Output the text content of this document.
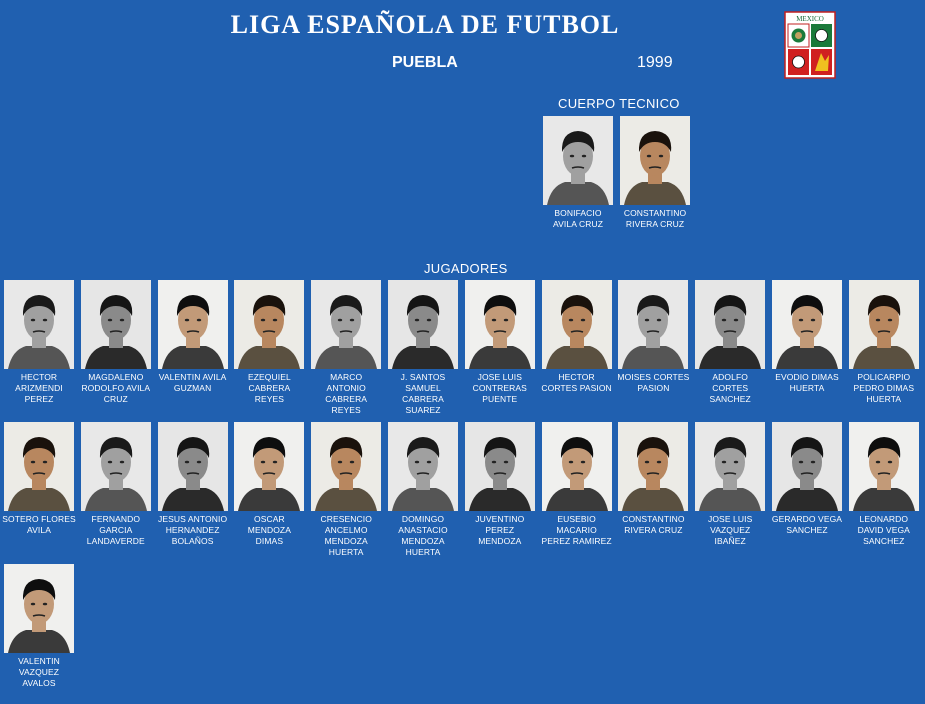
LIGA ESPAÑOLA DE FUTBOL
PUEBLA	1999
MEXICO
CUERPO TECNICO
BONIFACIO
AVILA CRUZ
CONSTANTINO
RIVERA CRUZ
JUGADORES
HECTOR
ARIZMENDI
PEREZ
MAGDALENO
RODOLFO AVILA
CRUZ
VALENTIN AVILA
GUZMAN
EZEQUIEL
CABRERA
REYES
MARCO
ANTONIO
CABRERA
REYES
J. SANTOS
SAMUEL
CABRERA
SUAREZ
JOSE LUIS
CONTRERAS
PUENTE
HECTOR
CORTES PASION
MOISES CORTES
PASION
ADOLFO
CORTES
SANCHEZ
EVODIO DIMAS
HUERTA
POLICARPIO
PEDRO DIMAS
HUERTA
SOTERO FLORES
AVILA
FERNANDO
GARCIA
LANDAVERDE
JESUS ANTONIO
HERNANDEZ
BOLAÑOS
OSCAR
MENDOZA
DIMAS
CRESENCIO
ANCELMO
MENDOZA
HUERTA
DOMINGO
ANASTACIO
MENDOZA
HUERTA
JUVENTINO
PEREZ
MENDOZA
EUSEBIO
MACARIO
PEREZ RAMIREZ
CONSTANTINO
RIVERA CRUZ
JOSE LUIS
VAZQUEZ
IBAÑEZ
GERARDO VEGA
SANCHEZ
LEONARDO
DAVID VEGA
SANCHEZ
VALENTIN
VAZQUEZ
AVALOS
